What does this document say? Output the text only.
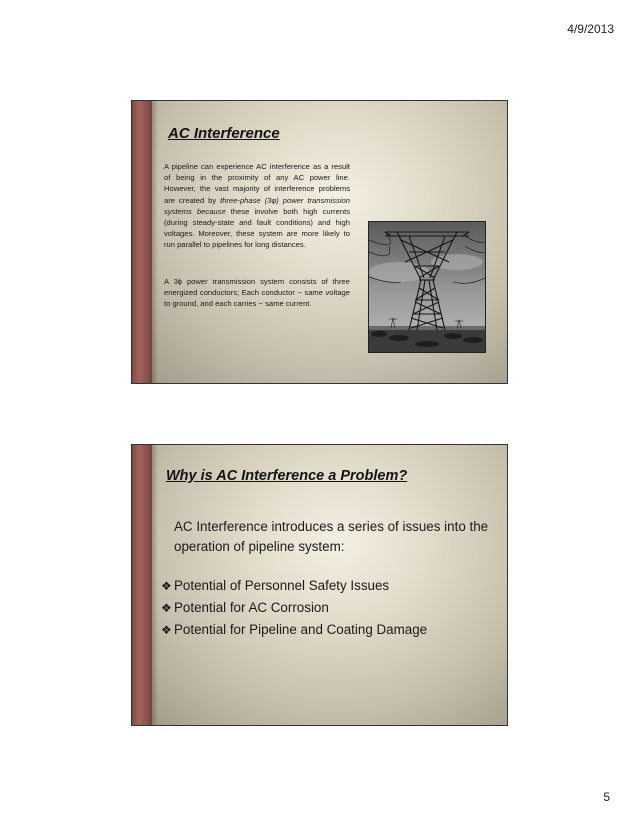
4/9/2013
AC Interference

A pipeline can experience AC interference as a result of being in the proximity of any AC power line. However, the vast majority of interference problems are created by three-phase (3φ) power transmission systems because these involve both high currents (during steady-state and fault conditions) and high voltages. Moreover, these system are more likely to run parallel to pipelines for long distances.

A 3ϕ power transmission system consists of three energized conductors; Each conductor ~ same voltage to ground, and each carries ~ same current.

Why is AC Interference a Problem?

AC Interference introduces a series of issues into the operation of pipeline system:

❖ Potential of Personnel Safety Issues
❖ Potential for AC Corrosion
❖ Potential for Pipeline and Coating Damage
5
